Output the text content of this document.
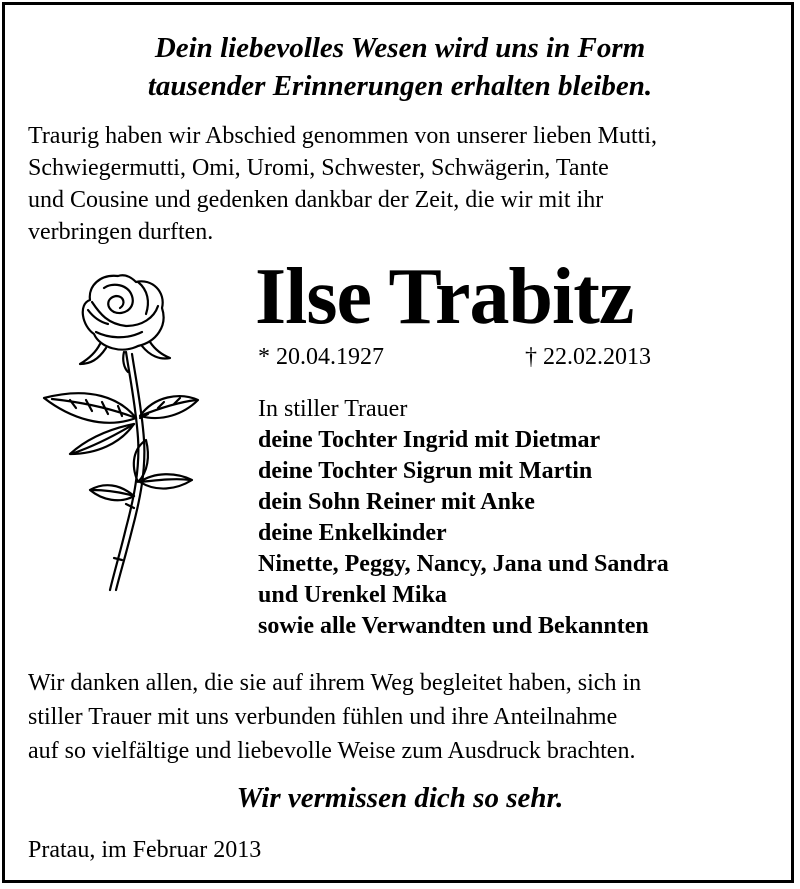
Dein liebevolles Wesen wird uns in Form
tausender Erinnerungen erhalten bleiben.
Traurig haben wir Abschied genommen von unserer lieben Mutti,
Schwiegermutti, Omi, Uromi, Schwester, Schwägerin, Tante
und Cousine und gedenken dankbar der Zeit, die wir mit ihr
verbringen durften.
Ilse Trabitz
* 20.04.1927	† 22.02.2013
In stiller Trauer
deine Tochter Ingrid mit Dietmar
deine Tochter Sigrun mit Martin
dein Sohn Reiner mit Anke
deine Enkelkinder
Ninette, Peggy, Nancy, Jana und Sandra
und Urenkel Mika
sowie alle Verwandten und Bekannten
Wir danken allen, die sie auf ihrem Weg begleitet haben, sich in
stiller Trauer mit uns verbunden fühlen und ihre Anteilnahme
auf so vielfältige und liebevolle Weise zum Ausdruck brachten.
Wir vermissen dich so sehr.
Pratau, im Februar 2013
